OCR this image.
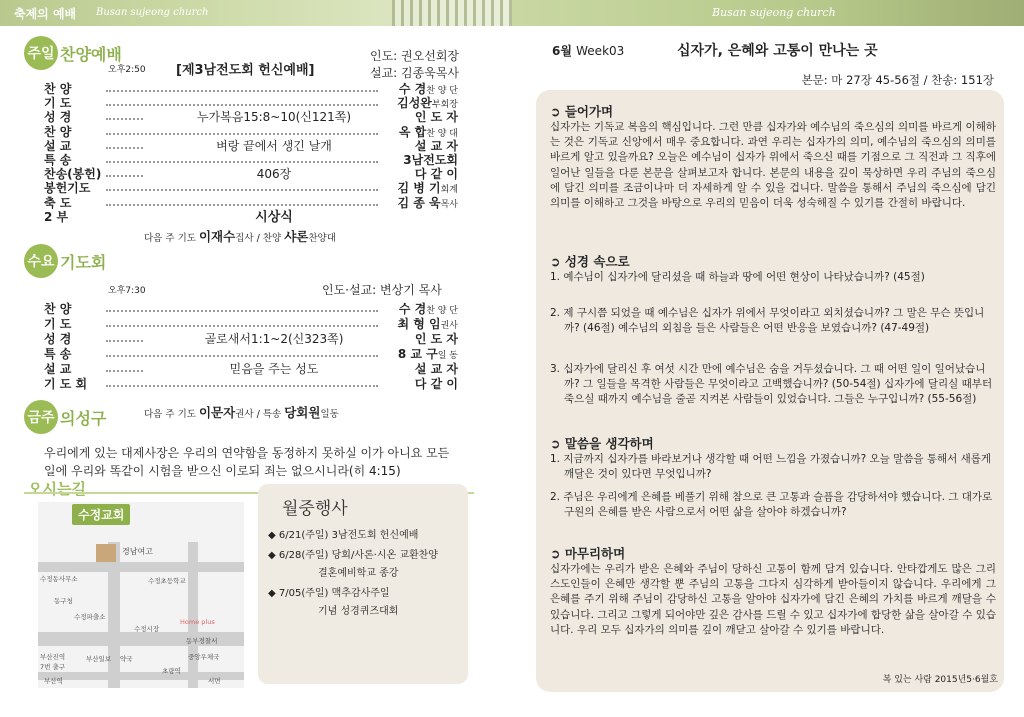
축제의 예배 Busan sujeong church
주일 찬양예배
오후2:50 [제3남전도회 헌신예배]
인도: 권오선회장
설교: 김종욱목사
찬 양	수 경찬 양 단
기 도	김성완부회장
성 경	누가복음15:8~10(신121쪽)	인 도 자
찬 양	옥 합찬 양 대
설 교	벼랑 끝에서 생긴 날개	설 교 자
특 송	3남전도회
찬송(봉헌)	406장	다 같 이
봉헌기도	김 병 기회계
축 도	김 종 욱목사
2 부	시상식
다음 주 기도 이재수집사 / 찬양 샤론찬양대
수요 기도회
오후7:30	인도·설교: 변상기 목사
찬 양	수 경찬 양 단
기 도	최 형 임권사
성 경	골로새서1:1~2(신323쪽)	인 도 자
특 송	8 교 구일 동
설 교	믿음을 주는 성도	설 교 자
기 도 회	다 같 이
다음 주 기도 이문자권사 / 특송 당회원일동
금주 의성구
우리에게 있는 대제사장은 우리의 연약함을 동정하지 못하실 이가 아니요 모든 일에 우리와 똑같이 시험을 받으신 이로되 죄는 없으시니라(히 4:15)
오시는길
수정교회
경남여고
수정동사무소	수정초등학교
동구청
수정파출소
수정시장
Home plus
부산진역
7번 출구
부산일보 약국
동부경찰서
초량역
부산역	서면
중앙우체국
월중행사
◆ 6/21(주일) 3남전도회 헌신예배
◆ 6/28(주일) 당회/사론·시온 교환찬양
결혼예비학교 종강
◆ 7/05(주일) 맥추감사주일
기념 성경퀴즈대회
Busan sujeong church
6월 Week03	십자가, 은혜와 고통이 만나는 곳
본문: 마 27장 45-56절 / 찬송: 151장
➲ 들어가며
십자가는 기독교 복음의 핵심입니다. 그런 만큼 십자가와 예수님의 죽으심의 의미를 바르게 이해하는 것은 기독교 신앙에서 매우 중요합니다. 과연 우리는 십자가의 의미, 예수님의 죽으심의 의미를 바르게 알고 있을까요? 오늘은 예수님이 십자가 위에서 죽으신 때를 기점으로 그 직전과 그 직후에 일어난 일들을 다룬 본문을 살펴보고자 합니다. 본문의 내용을 깊이 묵상하면 우리 주님의 죽으심에 담긴 의미를 조금이나마 더 자세하게 알 수 있을 겁니다. 말씀을 통해서 주님의 죽으심에 담긴 의미를 이해하고 그것을 바탕으로 우리의 믿음이 더욱 성숙해질 수 있기를 간절히 바랍니다.
➲ 성경 속으로
1. 예수님이 십자가에 달리셨을 때 하늘과 땅에 어떤 현상이 나타났습니까? (45절)
2. 제 구시쯤 되었을 때 예수님은 십자가 위에서 무엇이라고 외치셨습니까? 그 말은 무슨 뜻입니까? (46절) 예수님의 외침을 들은 사람들은 어떤 반응을 보였습니까? (47-49절)
3. 십자가에 달리신 후 여섯 시간 만에 예수님은 숨을 거두셨습니다. 그 때 어떤 일이 일어났습니까? 그 일들을 목격한 사람들은 무엇이라고 고백했습니까? (50-54절) 십자가에 달리실 때부터 죽으실 때까지 예수님을 줄곧 지켜본 사람들이 있었습니다. 그들은 누구입니까? (55-56절)
➲ 말씀을 생각하며
1. 지금까지 십자가를 바라보거나 생각할 때 어떤 느낌을 가졌습니까? 오늘 말씀을 통해서 새롭게 깨달은 것이 있다면 무엇입니까?
2. 주님은 우리에게 은혜를 베풀기 위해 참으로 큰 고통과 슬픔을 감당하셔야 했습니다. 그 대가로 구원의 은혜를 받은 사람으로서 어떤 삶을 살아야 하겠습니까?
➲ 마무리하며
십자가에는 우리가 받은 은혜와 주님이 당하신 고통이 함께 담겨 있습니다. 안타깝게도 많은 그리스도인들이 은혜만 생각할 뿐 주님의 고통을 그다지 심각하게 받아들이지 않습니다. 우리에게 그 은혜를 주기 위해 주님이 감당하신 고통을 알아야 십자가에 담긴 은혜의 가치를 바르게 깨달을 수 있습니다. 그리고 그렇게 되어야만 깊은 감사를 드릴 수 있고 십자가에 합당한 삶을 살아갈 수 있습니다. 우리 모두 십자가의 의미를 깊이 깨닫고 살아갈 수 있기를 바랍니다.
복 있는 사람 2015년5·6월호
